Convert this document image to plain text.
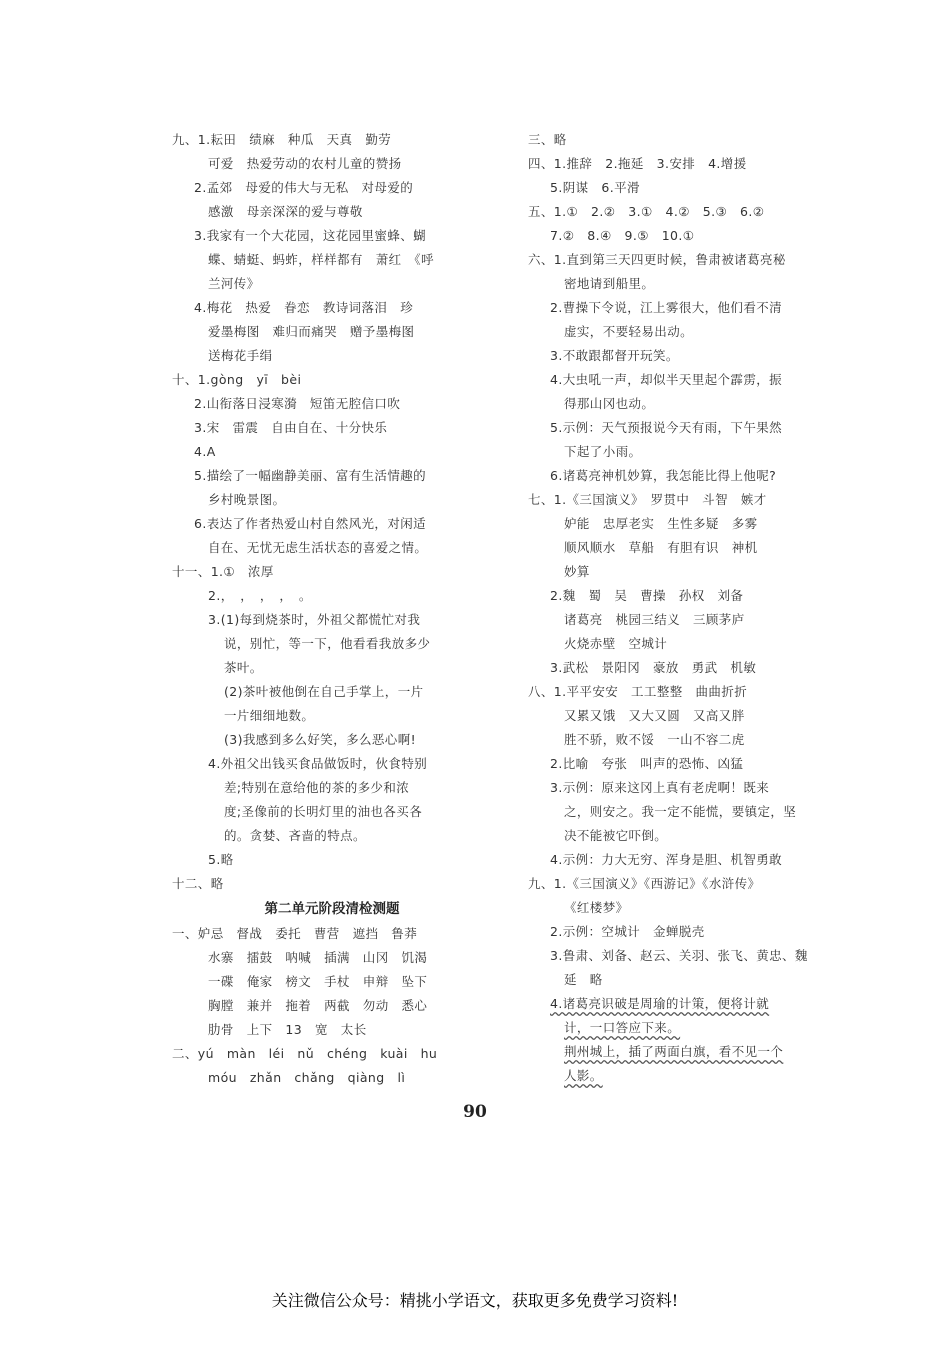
九、1.耘田　绩麻　种瓜　天真　勤劳
可爱　热爱劳动的农村儿童的赞扬
2.孟郊　母爱的伟大与无私　对母爱的
感激　母亲深深的爱与尊敬
3.我家有一个大花园，这花园里蜜蜂、蝴
蝶、蜻蜓、蚂蚱，样样都有　萧红　《呼
兰河传》
4.梅花　热爱　眷恋　教诗词落泪　珍
爱墨梅图　难归而痛哭　赠予墨梅图
送梅花手绢
十、1.gòng　yī　bèi
2.山衔落日浸寒漪　短笛无腔信口吹
3.宋　雷震　自由自在、十分快乐
4.A
5.描绘了一幅幽静美丽、富有生活情趣的
乡村晚景图。
6.表达了作者热爱山村自然风光，对闲适
自在、无忧无虑生活状态的喜爱之情。
十一、1.①　浓厚
2.，　，　，　，　。
3.(1)每到烧茶时，外祖父都慌忙对我
说，别忙，等一下，他看看我放多少
茶叶。
(2)茶叶被他倒在自己手掌上，一片
一片细细地数。
(3)我感到多么好笑，多么恶心啊!
4.外祖父出钱买食品做饭时，伙食特别
差;特别在意给他的茶的多少和浓
度;圣像前的长明灯里的油也各买各
的。贪婪、吝啬的特点。
5.略
十二、略
第二单元阶段清检测题
一、妒忌　督战　委托　曹营　遮挡　鲁莽
水寨　擂鼓　呐喊　插满　山冈　饥渴
一碟　俺家　榜文　手杖　申辩　坠下
胸膛　兼并　拖着　两截　勿动　悉心
肋骨　上下　13　宽　太长
二、yú　màn　léi　nǔ　chéng　kuài　hu
móu　zhǎn　chǎng　qiàng　lì
三、略
四、1.推辞　2.拖延　3.安排　4.增援
5.阴谋　6.平滑
五、1.①　2.②　3.①　4.②　5.③　6.②
7.②　8.④　9.⑤　10.①
六、1.直到第三天四更时候，鲁肃被诸葛亮秘
密地请到船里。
2.曹操下令说，江上雾很大，他们看不清
虚实，不要轻易出动。
3.不敢跟都督开玩笑。
4.大虫吼一声，却似半天里起个霹雳，振
得那山冈也动。
5.示例：天气预报说今天有雨，下午果然
下起了小雨。
6.诸葛亮神机妙算，我怎能比得上他呢?
七、1.《三国演义》　罗贯中　斗智　嫉才
妒能　忠厚老实　生性多疑　多雾
顺风顺水　草船　有胆有识　神机
妙算
2.魏　蜀　吴　曹操　孙权　刘备
诸葛亮　桃园三结义　三顾茅庐
火烧赤壁　空城计
3.武松　景阳冈　豪放　勇武　机敏
八、1.平平安安　工工整整　曲曲折折
又累又饿　又大又圆　又高又胖
胜不骄，败不馁　一山不容二虎
2.比喻　夸张　叫声的恐怖、凶猛
3.示例：原来这冈上真有老虎啊！既来
之，则安之。我一定不能慌，要镇定，坚
决不能被它吓倒。
4.示例：力大无穷、浑身是胆、机智勇敢
九、1.《三国演义》《西游记》《水浒传》
《红楼梦》
2.示例：空城计　金蝉脱壳
3.鲁肃、刘备、赵云、关羽、张飞、黄忠、魏
延　略
4.诸葛亮识破是周瑜的计策，便将计就
计，一口答应下来。
荆州城上，插了两面白旗，看不见一个
人影。
90
关注微信公众号：精挑小学语文，获取更多免费学习资料!
